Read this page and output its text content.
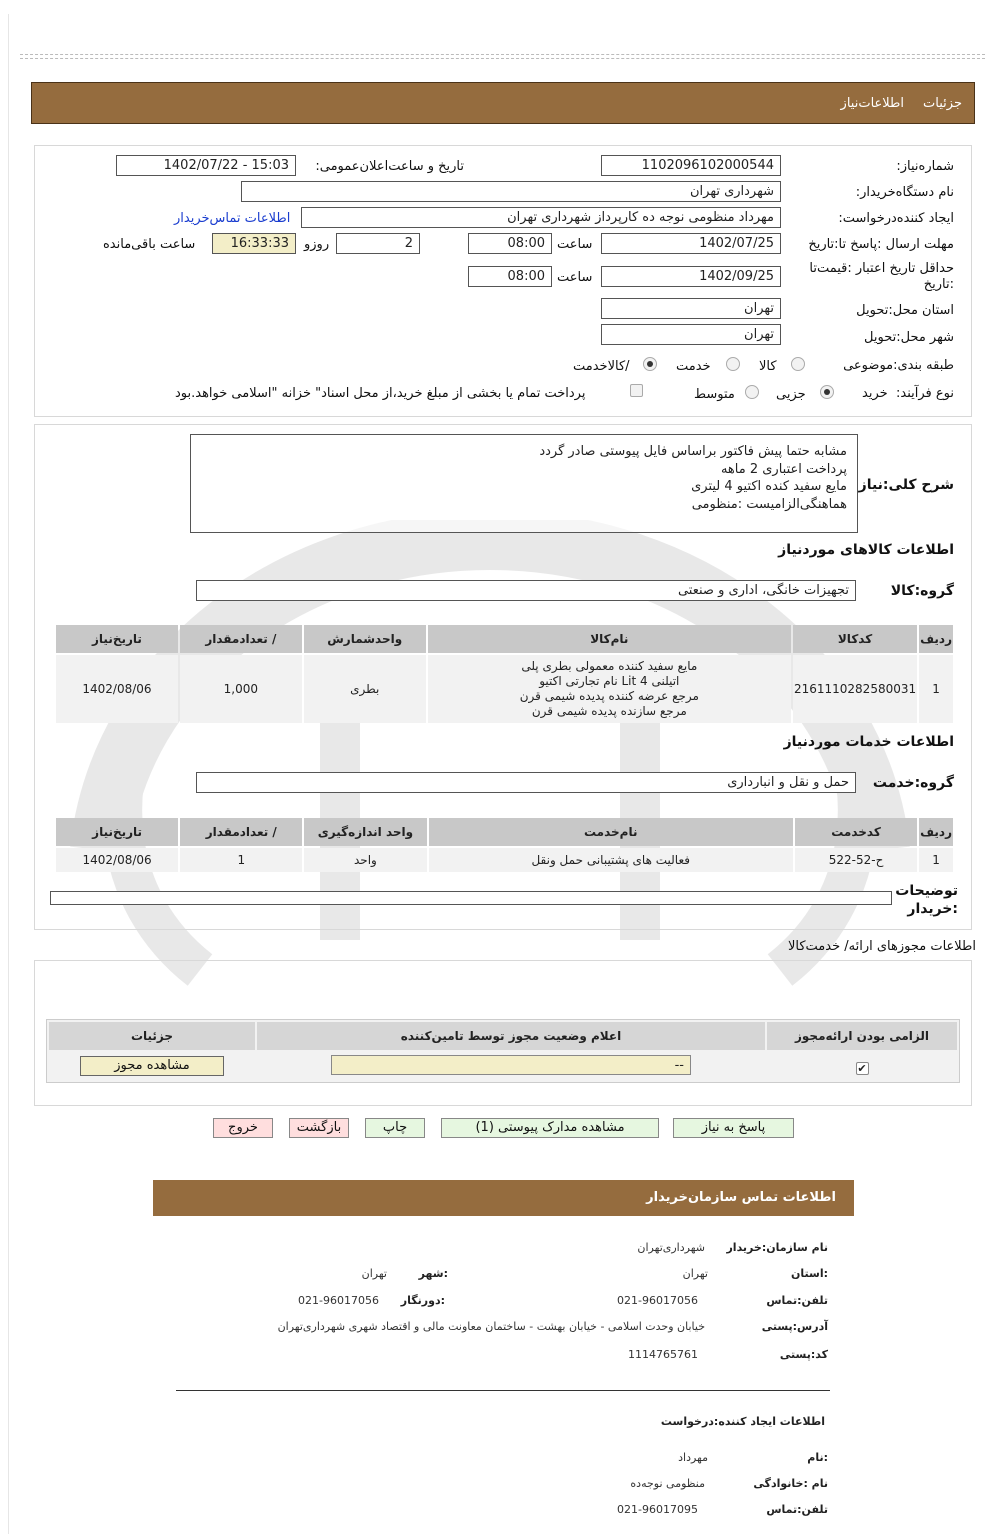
جزئیات
اطلاعات‌نیاز
شماره‌نیاز:
1102096102000544
تاریخ و ساعت‌اعلان‌عمومی:
1402/07/22 - 15:03
نام دستگاه‌خریدار:
شهرداری تهران
ایجاد کننده‌درخواست:
مهرداد منظومی نوجه ده کارپرداز شهرداری تهران
اطلاعات تماس‌خریدار
مهلت ارسال :پاسخ تا:تاریخ
1402/07/25
ساعت
08:00
2
روزو
16:33:33
ساعت باقی‌مانده
حداقل تاریخ اعتبار :قیمت‌تا
:تاریخ
1402/09/25
ساعت
08:00
استان محل:تحویل
تهران
شهر محل:تحویل
تهران
طبقه بندی:موضوعی
کالا
خدمت
/کالاخدمت
نوع فرآیند:
خرید
جزیی
متوسط
پرداخت تمام یا بخشی از مبلغ خرید،از محل اسناد" خزانه "اسلامی خواهد.بود
شرح کلی:نیاز
مشابه حتما پیش فاکتور براساس فایل پیوستی صادر گردد
پرداخت اعتباری 2 ماهه
مایع سفید کنده اکتیو 4 لیتری
هماهنگی‌الزامیست :منظومی
اطلاعات کالاهای موردنیاز
گروه:کالا
تجهیزات خانگی، اداری و صنعتی
ردیف	کدکالا	نام‌کالا	واحدشمارش	/ تعدادمقدار	تاریخ‌نیاز
1	2161110282580031	مایع سفید کننده معمولی بطری پلی
اتیلنی 4 Lit نام تجارتی اکتیو
مرجع عرضه کننده پدیده شیمی قرن
مرجع سازنده پدیده شیمی قرن	بطری	1,000	1402/08/06
اطلاعات خدمات موردنیاز
گروه:خدمت
حمل و نقل و انبارداری
ردیف	کدخدمت	نام‌خدمت	واحد اندازه‌گیری	/ تعدادمقدار	تاریخ‌نیاز
1	ح-52-522	فعالیت های پشتیبانی حمل ونقل	واحد	1	1402/08/06
توضیحات
:خریدار
اطلاعات مجوزهای ارائه/ خدمت‌کالا
الزامی بودن ارائه‌مجوز	اعلام وضعیت مجوز توسط تامین‌کننده	جزئیات
✔	--	مشاهده مجوز
پاسخ به نیاز
مشاهده مدارک پیوستی (1)
چاپ
بازگشت
خروج
اطلاعات تماس سازمان‌خریدار
نام سازمان:خریدار
شهرداری‌تهران
:استان
تهران
:شهر
تهران
تلفن:تماس
021-96017056
:دورنگار
021-96017056
آدرس:پستی
خیابان وحدت اسلامی - خیابان بهشت - ساختمان معاونت مالی و اقتصاد شهری شهرداری‌تهران
کد:پستی
1114765761
اطلاعات ایجاد کننده:درخواست
:نام
مهرداد
نام :خانوادگی
منظومی نوجه‌ده
تلفن:تماس
021-96017095
